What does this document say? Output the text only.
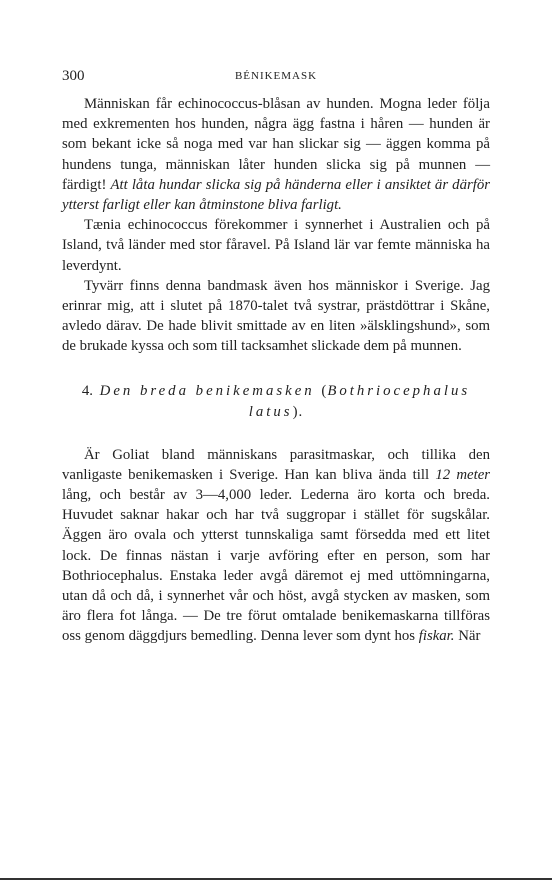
300	BÉNIKEMASK

Människan får echinococcus-blåsan av hunden. Mogna leder följa med exkrementen hos hunden, några ägg fastna i håren — hunden är som bekant icke så noga med var han slickar sig — äggen komma på hundens tunga, människan låter hunden slicka sig på munnen — färdigt! Att låta hundar slicka sig på händerna eller i ansiktet är därför ytterst farligt eller kan åtminstone bliva farligt.

Tænia echinococcus förekommer i synnerhet i Australien och på Island, två länder med stor fåravel. På Island lär var femte människa ha leverdynt.

Tyvärr finns denna bandmask även hos människor i Sverige. Jag erinrar mig, att i slutet på 1870-talet två systrar, prästdöttrar i Skåne, avledo därav. De hade blivit smittade av en liten »älsklingshund», som de brukade kyssa och som till tacksamhet slickade dem på munnen.

4. Den breda benikemasken (Bothriocephalus latus).

Är Goliat bland människans parasitmaskar, och tillika den vanligaste benikemasken i Sverige. Han kan bliva ända till 12 meter lång, och består av 3—4,000 leder. Lederna äro korta och breda. Huvudet saknar hakar och har två suggropar i stället för sugskålar. Äggen äro ovala och ytterst tunnskaliga samt försedda med ett litet lock. De finnas nästan i varje avföring efter en person, som har Bothriocephalus. Enstaka leder avgå däremot ej med uttömningarna, utan då och då, i synnerhet vår och höst, avgå stycken av masken, som äro flera fot långa. — De tre förut omtalade benikemaskarna tillföras oss genom däggdjurs bemedling. Denna lever som dynt hos fiskar. När
